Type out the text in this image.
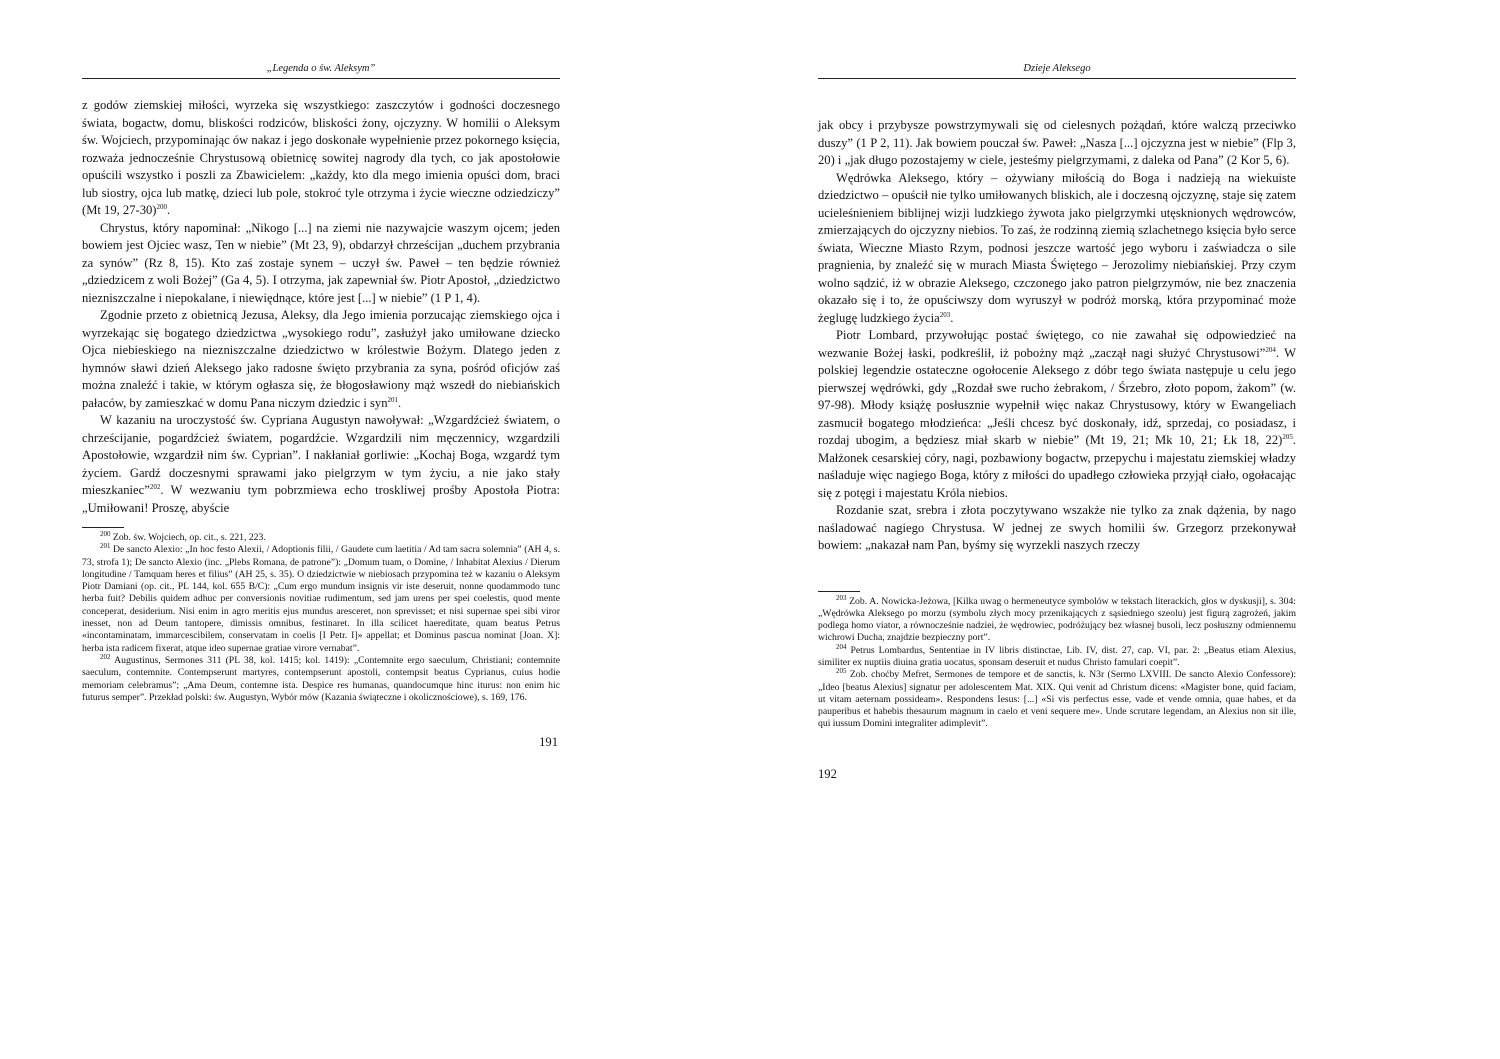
„Legenda o św. Aleksym”

z godów ziemskiej miłości, wyrzeka się wszystkiego: zaszczytów i godności doczesnego świata, bogactw, domu, bliskości rodziców, bliskości żony, ojczyzny. W homilii o Aleksym św. Wojciech, przypominając ów nakaz i jego doskonałe wypełnienie przez pokornego księcia, rozważa jednocześnie Chrystusową obietnicę sowitej nagrody dla tych, co jak apostołowie opuścili wszystko i poszli za Zbawicielem: „każdy, kto dla mego imienia opuści dom, braci lub siostry, ojca lub matkę, dzieci lub pole, stokroć tyle otrzyma i życie wieczne odziedziczy” (Mt 19, 27-30)$^{200}$.

Chrystus, który napominał: „Nikogo [...] na ziemi nie nazywajcie waszym ojcem; jeden bowiem jest Ojciec wasz, Ten w niebie” (Mt 23, 9), obdarzył chrześcijan „duchem przybrania za synów” (Rz 8, 15). Kto zaś zostaje synem – uczył św. Paweł – ten będzie również „dziedzicem z woli Bożej” (Ga 4, 5). I otrzyma, jak zapewniał św. Piotr Apostoł, „dziedzictwo niezniszczalne i niepokalane, i niewiędnące, które jest [...] w niebie” (1 P 1, 4).

Zgodnie przeto z obietnicą Jezusa, Aleksy, dla Jego imienia porzucając ziemskiego ojca i wyrzekając się bogatego dziedzictwa „wysokiego rodu”, zasłużył jako umiłowane dziecko Ojca niebieskiego na niezniszczalne dziedzictwo w królestwie Bożym. Dlatego jeden z hymnów sławi dzień Aleksego jako radosne święto przybrania za syna, pośród oficjów zaś można znaleźć i takie, w którym ogłasza się, że błogosławiony mąż wszedł do niebiańskich pałaców, by zamieszkać w domu Pana niczym dziedzic i syn$^{201}$.

W kazaniu na uroczystość św. Cypriana Augustyn nawoływał: „Wzgardźcież światem, o chrześcijanie, pogardźcież światem, pogardźcie. Wzgardzili nim męczennicy, wzgardzili Apostołowie, wzgardził nim św. Cyprian”. I nakłaniał gorliwie: „Kochaj Boga, wzgardź tym życiem. Gardź doczesnymi sprawami jako pielgrzym w tym życiu, a nie jako stały mieszkaniec”$^{202}$. W wezwaniu tym pobrzmiewa echo troskliwej prośby Apostoła Piotra: „Umiłowani! Proszę, abyście

$^{200}$ Zob. św. Wojciech, op. cit., s. 221, 223.

$^{201}$ De sancto Alexio: „In hoc festo Alexii, / Adoptionis filii, / Gaudete cum laetitia / Ad tam sacra solemnia” (AH 4, s. 73, strofa 1); De sancto Alexio (inc. „Plebs Romana, de patrone”): „Domum tuam, o Domine, / Inhabitat Alexius / Dierum longitudine / Tamquam heres et filius” (AH 25, s. 35). O dziedzictwie w niebiosach przypomina też w kazaniu o Aleksym Piotr Damiani (op. cit., PL 144, kol. 655 B/C): „Cum ergo mundum insignis vir iste deseruit, nonne quodammodo tunc herba fuit? Debilis quidem adhuc per conversionis novitiae rudimentum, sed jam urens per spei coelestis, quod mente conceperat, desiderium. Nisi enim in agro meritis ejus mundus aresceret, non sprevisset; et nisi supernae spei sibi viror inesset, non ad Deum tantopere, dimissis omnibus, festinaret. In illa scilicet haereditate, quam beatus Petrus «incontaminatam, immarcescibilem, conservatam in coelis [I Petr. I]» appellat; et Dominus pascua nominat [Joan. X]: herba ista radicem fixerat, atque ideo supernae gratiae virore vernabat”.

$^{202}$ Augustinus, Sermones 311 (PL 38, kol. 1415; kol. 1419): „Contemnite ergo saeculum, Christiani; contemnite saeculum, contemnite. Contempserunt martyres, contempserunt apostoli, contempsit beatus Cyprianus, cuius hodie memoriam celebramus”; „Ama Deum, contemne ista. Despice res humanas, quandocumque hinc iturus: non enim hic futurus semper”. Przekład polski: św. Augustyn, Wybór mów (Kazania świąteczne i okolicznościowe), s. 169, 176.

191
Dzieje Aleksego

jak obcy i przybysze powstrzymywali się od cielesnych pożądań, które walczą przeciwko duszy” (1 P 2, 11). Jak bowiem pouczał św. Paweł: „Nasza [...] ojczyzna jest w niebie” (Flp 3, 20) i „jak długo pozostajemy w ciele, jesteśmy pielgrzymami, z daleka od Pana” (2 Kor 5, 6).

Wędrówka Aleksego, który – ożywiany miłością do Boga i nadzieją na wiekuiste dziedzictwo – opuścił nie tylko umiłowanych bliskich, ale i doczesną ojczyznę, staje się zatem ucieleśnieniem biblijnej wizji ludzkiego żywota jako pielgrzymki utęsknionych wędrowców, zmierzających do ojczyzny niebios. To zaś, że rodzinną ziemią szlachetnego księcia było serce świata, Wieczne Miasto Rzym, podnosi jeszcze wartość jego wyboru i zaświadcza o sile pragnienia, by znaleźć się w murach Miasta Świętego – Jerozolimy niebiańskiej. Przy czym wolno sądzić, iż w obrazie Aleksego, czczonego jako patron pielgrzymów, nie bez znaczenia okazało się i to, że opuściwszy dom wyruszył w podróż morską, która przypominać może żeglugę ludzkiego życia$^{203}$.

Piotr Lombard, przywołując postać świętego, co nie zawahał się odpowiedzieć na wezwanie Bożej łaski, podkreślił, iż pobożny mąż „zaczął nagi służyć Chrystusowi”$^{204}$. W polskiej legendzie ostateczne ogołocenie Aleksego z dóbr tego świata następuje u celu jego pierwszej wędrówki, gdy „Rozdał swe rucho żebrakom, / Śrzebro, złoto popom, żakom” (w. 97-98). Młody książę posłusznie wypełnił więc nakaz Chrystusowy, który w Ewangeliach zasmucił bogatego młodzieńca: „Jeśli chcesz być doskonały, idź, sprzedaj, co posiadasz, i rozdaj ubogim, a będziesz miał skarb w niebie” (Mt 19, 21; Mk 10, 21; Łk 18, 22)$^{205}$. Małżonek cesarskiej córy, nagi, pozbawiony bogactw, przepychu i majestatu ziemskiej władzy naśladuje więc nagiego Boga, który z miłości do upadłego człowieka przyjął ciało, ogołacając się z potęgi i majestatu Króla niebios.

Rozdanie szat, srebra i złota poczytywano wszakże nie tylko za znak dążenia, by nago naśladować nagiego Chrystusa. W jednej ze swych homilii św. Grzegorz przekonywał bowiem: „nakazał nam Pan, byśmy się wyrzekli naszych rzeczy

$^{203}$ Zob. A. Nowicka-Jeżowa, [Kilka uwag o hermeneutyce symbolów w tekstach literackich, głos w dyskusji], s. 304: „Wędrówka Aleksego po morzu (symbolu złych mocy przenikających z sąsiedniego szeolu) jest figurą zagrożeń, jakim podlega homo viator, a równocześnie nadziei, że wędrowiec, podróżujący bez własnej busoli, lecz posłuszny odmiennemu wichrowi Ducha, znajdzie bezpieczny port”.

$^{204}$ Petrus Lombardus, Sententiae in IV libris distinctae, Lib. IV, dist. 27, cap. VI, par. 2: „Beatus etiam Alexius, similiter ex nuptiis diuina gratia uocatus, sponsam deseruit et nudus Christo famulari coepit”.

$^{205}$ Zob. choćby Mefret, Sermones de tempore et de sanctis, k. N3r (Sermo LXVIII. De sancto Alexio Confessore): „Ideo [beatus Alexius] signatur per adolescentem Mat. XIX. Qui venit ad Christum dicens: «Magister bone, quid faciam, ut vitam aeternam possideam». Respondens Iesus: [...] «Si vis perfectus esse, vade et vende omnia, quae habes, et da pauperibus et habebis thesaurum magnum in caelo et veni sequere me». Unde scrutare legendam, an Alexius non sit ille, qui iussum Domini integraliter adimplevit”.

192
